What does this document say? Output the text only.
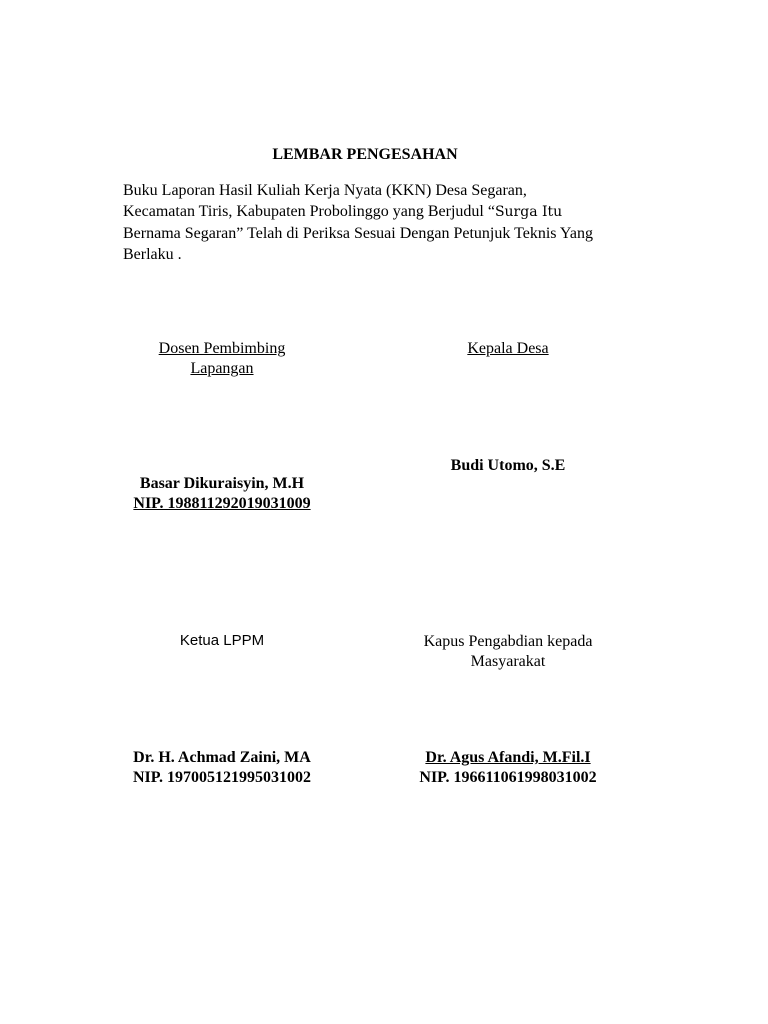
LEMBAR PENGESAHAN
Buku Laporan Hasil Kuliah Kerja Nyata (KKN) Desa Segaran,
Kecamatan Tiris, Kabupaten Probolinggo yang Berjudul “Surga Itu
Bernama Segaran” Telah di Periksa Sesuai Dengan Petunjuk Teknis Yang
Berlaku .
Dosen Pembimbing
Lapangan
Basar Dikuraisyin, M.H
NIP. 198811292019031009
Kepala Desa
Budi Utomo, S.E
Ketua LPPM
Dr. H. Achmad Zaini, MA
NIP. 197005121995031002
Kapus Pengabdian kepada
Masyarakat
Dr. Agus Afandi, M.Fil.I
NIP. 196611061998031002
